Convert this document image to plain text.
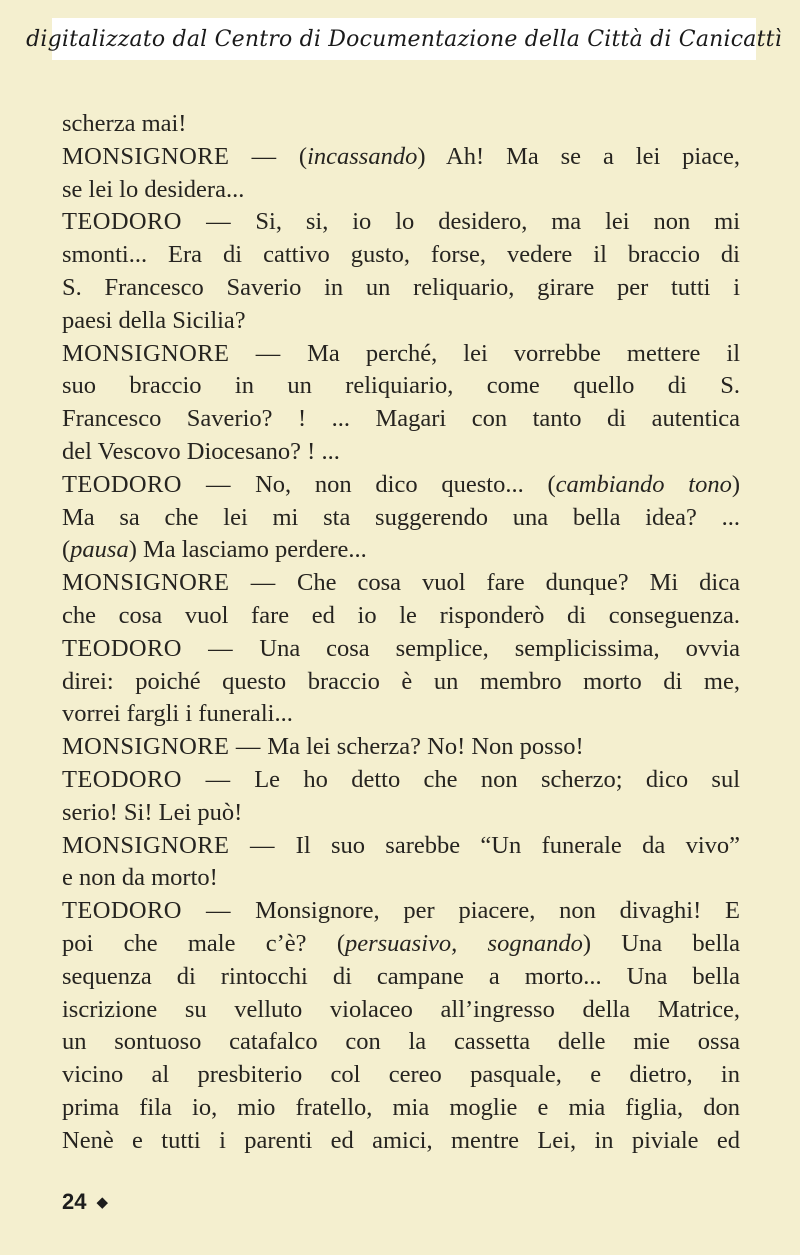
digitalizzato dal Centro di Documentazione della Città di Canicattì
scherza mai!
MONSIGNORE — (incassando) Ah! Ma se a lei piace,
se lei lo desidera...
TEODORO — Si, si, io lo desidero, ma lei non mi
smonti... Era di cattivo gusto, forse, vedere il braccio di
S. Francesco Saverio in un reliquario, girare per tutti i
paesi della Sicilia?
MONSIGNORE — Ma perché, lei vorrebbe mettere il
suo braccio in un reliquiario, come quello di S.
Francesco Saverio? ! ... Magari con tanto di autentica
del Vescovo Diocesano? ! ...
TEODORO — No, non dico questo... (cambiando tono)
Ma sa che lei mi sta suggerendo una bella idea? ...
(pausa) Ma lasciamo perdere...
MONSIGNORE — Che cosa vuol fare dunque? Mi dica
che cosa vuol fare ed io le risponderò di conseguenza.
TEODORO — Una cosa semplice, semplicissima, ovvia
direi: poiché questo braccio è un membro morto di me,
vorrei fargli i funerali...
MONSIGNORE — Ma lei scherza? No! Non posso!
TEODORO — Le ho detto che non scherzo; dico sul
serio! Si! Lei può!
MONSIGNORE — Il suo sarebbe “Un funerale da vivo”
e non da morto!
TEODORO — Monsignore, per piacere, non divaghi! E
poi che male c’è? (persuasivo, sognando) Una bella
sequenza di rintocchi di campane a morto... Una bella
iscrizione su velluto violaceo all’ingresso della Matrice,
un sontuoso catafalco con la cassetta delle mie ossa
vicino al presbiterio col cereo pasquale, e dietro, in
prima fila io, mio fratello, mia moglie e mia figlia, don
Nenè e tutti i parenti ed amici, mentre Lei, in piviale ed
24 ◆
